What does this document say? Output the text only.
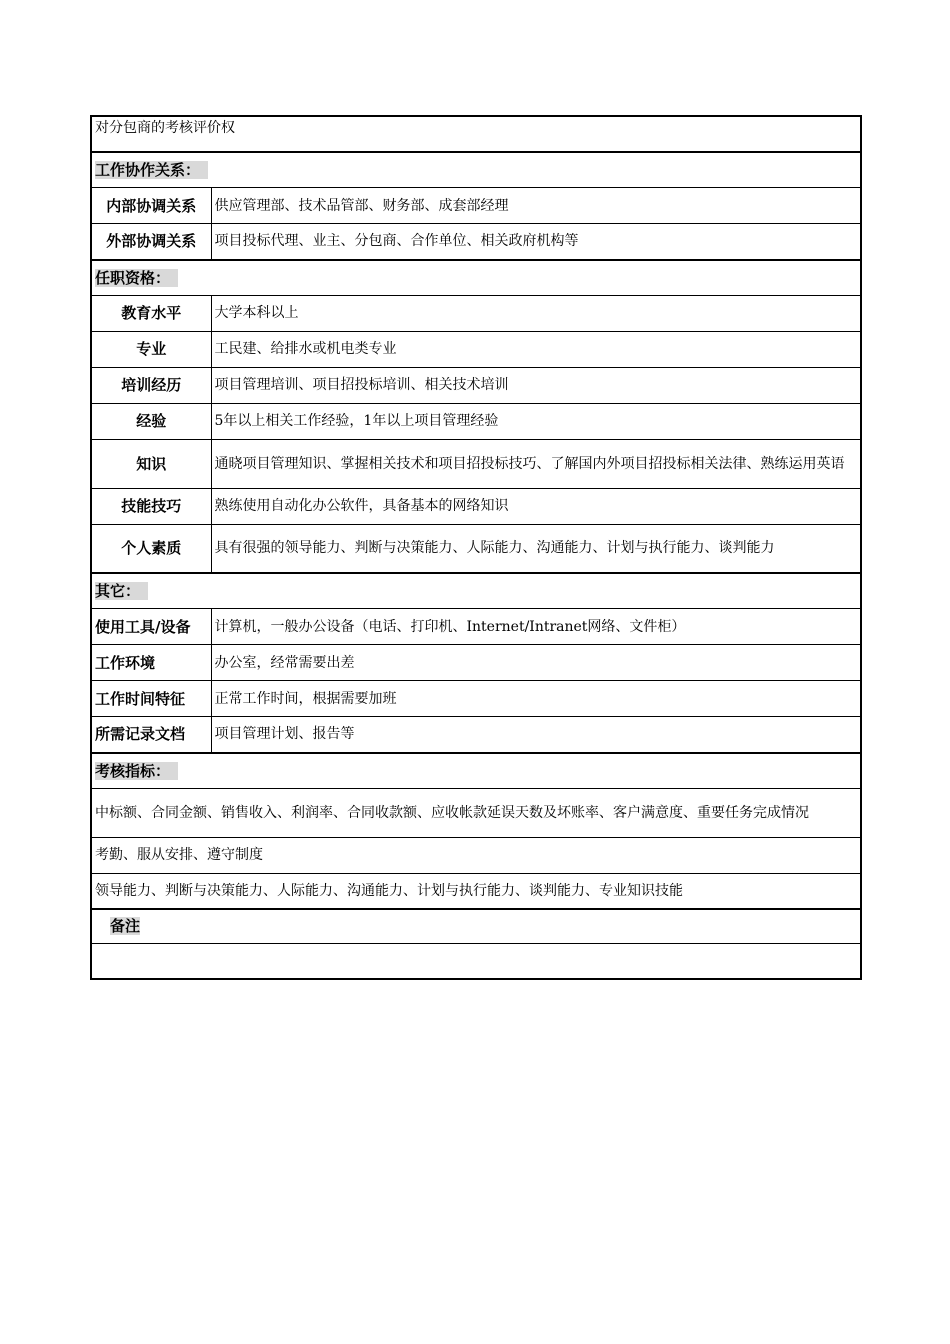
对分包商的考核评价权	
工作协作关系：	
内部协调关系	供应管理部、技术品管部、财务部、成套部经理
外部协调关系	项目投标代理、业主、分包商、合作单位、相关政府机构等
任职资格：	
教育水平	大学本科以上
专业	工民建、给排水或机电类专业
培训经历	项目管理培训、项目招投标培训、相关技术培训
经验	5年以上相关工作经验，1年以上项目管理经验
知识	通晓项目管理知识、掌握相关技术和项目招投标技巧、了解国内外项目招投标相关法律、熟练运用英语
技能技巧	熟练使用自动化办公软件，具备基本的网络知识
个人素质	具有很强的领导能力、判断与决策能力、人际能力、沟通能力、计划与执行能力、谈判能力
其它：	
使用工具/设备	计算机，一般办公设备（电话、打印机、Internet/Intranet网络、文件柜）
工作环境	办公室，经常需要出差
工作时间特征	正常工作时间，根据需要加班
所需记录文档	项目管理计划、报告等
考核指标：	
中标额、合同金额、销售收入、利润率、合同收款额、应收帐款延误天数及坏账率、客户满意度、重要任务完成情况	
考勤、服从安排、遵守制度	
领导能力、判断与决策能力、人际能力、沟通能力、计划与执行能力、谈判能力、专业知识技能	
备注	
